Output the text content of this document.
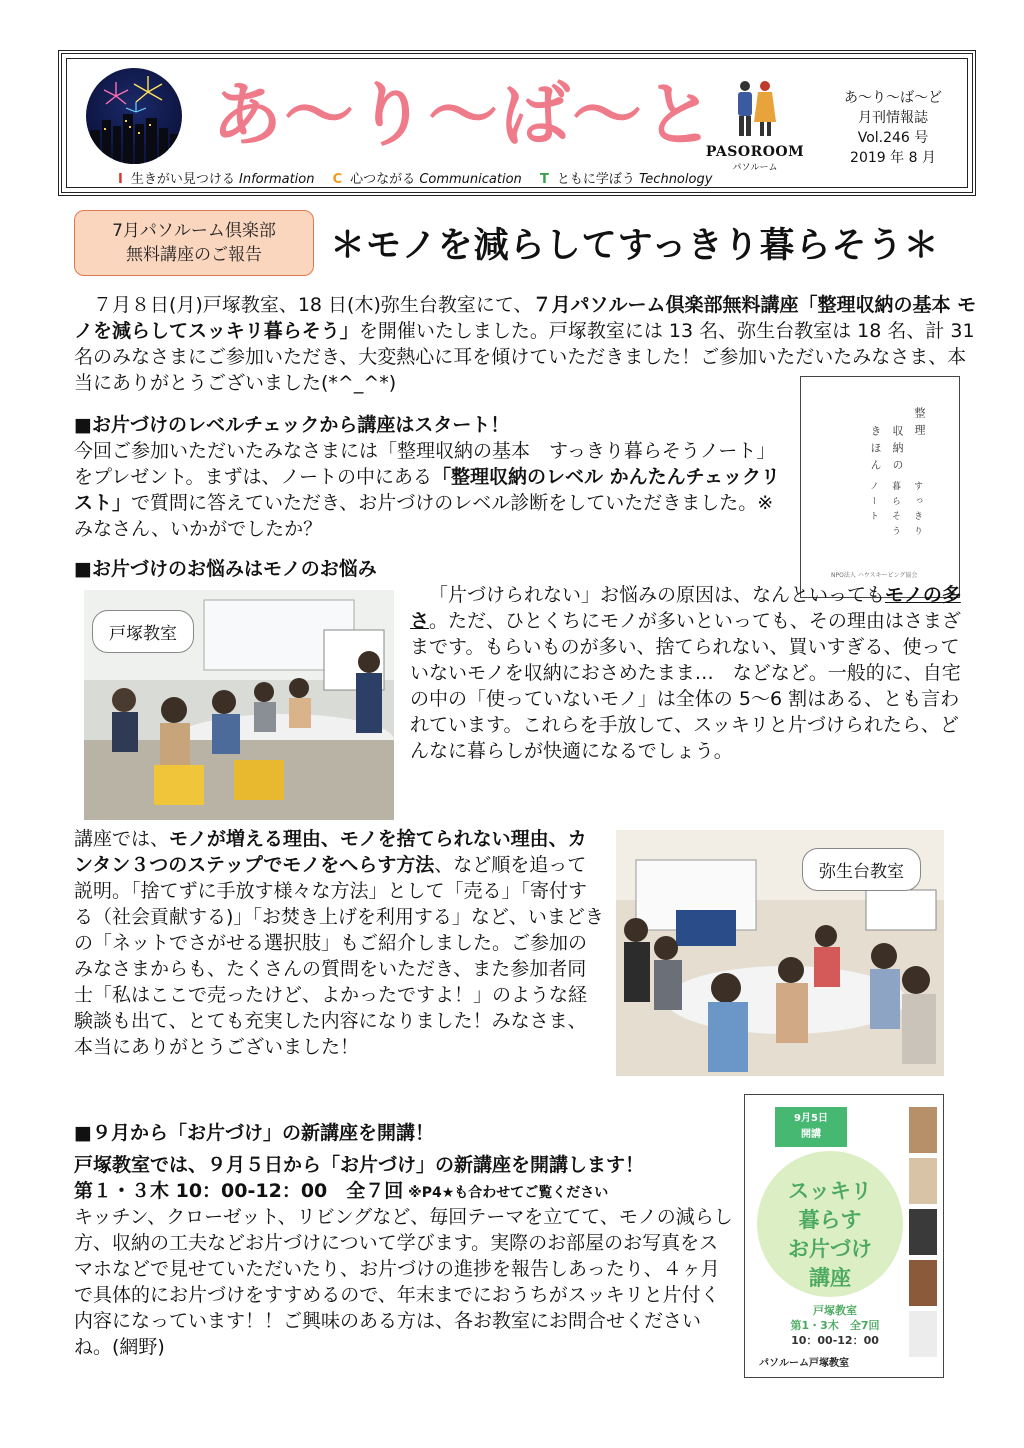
あ〜り〜ば〜と
I 生きがい見つける Information C 心つながる Communication T ともに学ぼう Technology
PASOROOM
パソルーム
あ〜り〜ば〜ど
月刊情報誌
Vol.246 号
2019 年 8 月
7月パソルーム倶楽部
無料講座のご報告	＊モノを減らしてすっきり暮らそう＊
７月８日(月)戸塚教室、18 日(木)弥生台教室にて、７月パソルーム倶楽部無料講座「整理収納の基本 モノを減らしてスッキリ暮らそう」を開催いたしました。戸塚教室には 13 名、弥生台教室は 18 名、計 31 名のみなさまにご参加いただき、大変熱心に耳を傾けていただきました！ご参加いただいたみなさま、本当にありがとうございました(*^_^*)
■お片づけのレベルチェックから講座はスタート！
今回ご参加いただいたみなさまには「整理収納の基本　すっきり暮らそうノート」をプレゼント。まずは、ノートの中にある「整理収納のレベル かんたんチェックリスト」で質問に答えていただき、お片づけのレベル診断をしていただきました。※みなさん、いかがでしたか？
整理
収納の
きほん
すっきり
暮らそう
ノート
NPO法人 ハウスキーピング協会
■お片づけのお悩みはモノのお悩み
戸塚教室
「片づけられない」お悩みの原因は、なんといってもモノの多さ。ただ、ひとくちにモノが多いといっても、その理由はさまざまです。もらいものが多い、捨てられない、買いすぎる、使っていないモノを収納におさめたまま…　などなど。一般的に、自宅の中の「使っていないモノ」は全体の 5〜6 割はある、とも言われています。これらを手放して、スッキリと片づけられたら、どんなに暮らしが快適になるでしょう。
講座では、モノが増える理由、モノを捨てられない理由、カンタン３つのステップでモノをへらす方法、など順を追って説明。「捨てずに手放す様々な方法」として「売る」「寄付する（社会貢献する)」「お焚き上げを利用する」など、いまどきの「ネットでさがせる選択肢」もご紹介しました。ご参加のみなさまからも、たくさんの質問をいただき、また参加者同士「私はここで売ったけど、よかったですよ！」のような経験談も出て、とても充実した内容になりました！みなさま、本当にありがとうございました！
弥生台教室
■９月から「お片づけ」の新講座を開講！
戸塚教室では、９月５日から「お片づけ」の新講座を開講します！
第１・３木 10：00-12：00　全７回 ※P4★も合わせてご覧ください
キッチン、クローゼット、リビングなど、毎回テーマを立てて、モノの減らし方、収納の工夫などお片づけについて学びます。実際のお部屋のお写真をスマホなどで見せていただいたり、お片づけの進捗を報告しあったり、４ヶ月で具体的にお片づけをすすめるので、年末までにおうちがスッキリと片付く内容になっています！！ご興味のある方は、各お教室にお問合せくださいね。(網野)
9月5日
開講
スッキリ
暮らす
お片づけ
講座
戸塚教室
第1・3木　全7回
10：00-12：00
パソルーム戸塚教室
